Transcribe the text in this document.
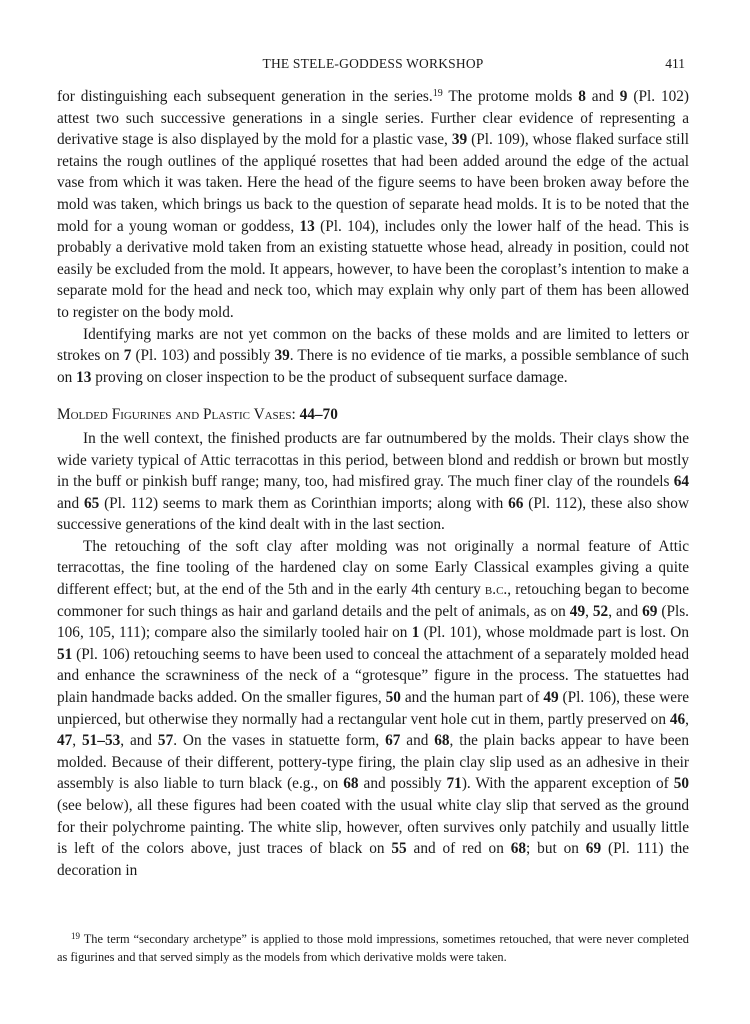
THE STELE-GODDESS WORKSHOP	411

for distinguishing each subsequent generation in the series.$^{19}$ The protome molds 8 and 9 (Pl. 102) attest two such successive generations in a single series. Further clear evidence of representing a derivative stage is also displayed by the mold for a plastic vase, 39 (Pl. 109), whose flaked surface still retains the rough outlines of the appliqué rosettes that had been added around the edge of the actual vase from which it was taken. Here the head of the figure seems to have been broken away before the mold was taken, which brings us back to the question of separate head molds. It is to be noted that the mold for a young woman or goddess, 13 (Pl. 104), includes only the lower half of the head. This is probably a derivative mold taken from an existing statuette whose head, already in position, could not easily be excluded from the mold. It appears, however, to have been the coroplast’s intention to make a separate mold for the head and neck too, which may explain why only part of them has been allowed to register on the body mold.

Identifying marks are not yet common on the backs of these molds and are limited to letters or strokes on 7 (Pl. 103) and possibly 39. There is no evidence of tie marks, a possible semblance of such on 13 proving on closer inspection to be the product of subsequent surface damage.

Molded Figurines and Plastic Vases: 44–70

In the well context, the finished products are far outnumbered by the molds. Their clays show the wide variety typical of Attic terracottas in this period, between blond and reddish or brown but mostly in the buff or pinkish buff range; many, too, had misfired gray. The much finer clay of the roundels 64 and 65 (Pl. 112) seems to mark them as Corinthian imports; along with 66 (Pl. 112), these also show successive generations of the kind dealt with in the last section.

The retouching of the soft clay after molding was not originally a normal feature of Attic terracottas, the fine tooling of the hardened clay on some Early Classical examples giving a quite different effect; but, at the end of the 5th and in the early 4th century b.c., retouching began to become commoner for such things as hair and garland details and the pelt of animals, as on 49, 52, and 69 (Pls. 106, 105, 111); compare also the similarly tooled hair on 1 (Pl. 101), whose moldmade part is lost. On 51 (Pl. 106) retouching seems to have been used to conceal the attachment of a separately molded head and enhance the scrawniness of the neck of a “grotesque” figure in the process. The statuettes had plain handmade backs added. On the smaller figures, 50 and the human part of 49 (Pl. 106), these were unpierced, but otherwise they normally had a rectangular vent hole cut in them, partly preserved on 46, 47, 51–53, and 57. On the vases in statuette form, 67 and 68, the plain backs appear to have been molded. Because of their different, pottery-type firing, the plain clay slip used as an adhesive in their assembly is also liable to turn black (e.g., on 68 and possibly 71). With the apparent exception of 50 (see below), all these figures had been coated with the usual white clay slip that served as the ground for their polychrome painting. The white slip, however, often survives only patchily and usually little is left of the colors above, just traces of black on 55 and of red on 68; but on 69 (Pl. 111) the decoration in

$^{19}$ The term “secondary archetype” is applied to those mold impressions, sometimes retouched, that were never completed as figurines and that served simply as the models from which derivative molds were taken.
